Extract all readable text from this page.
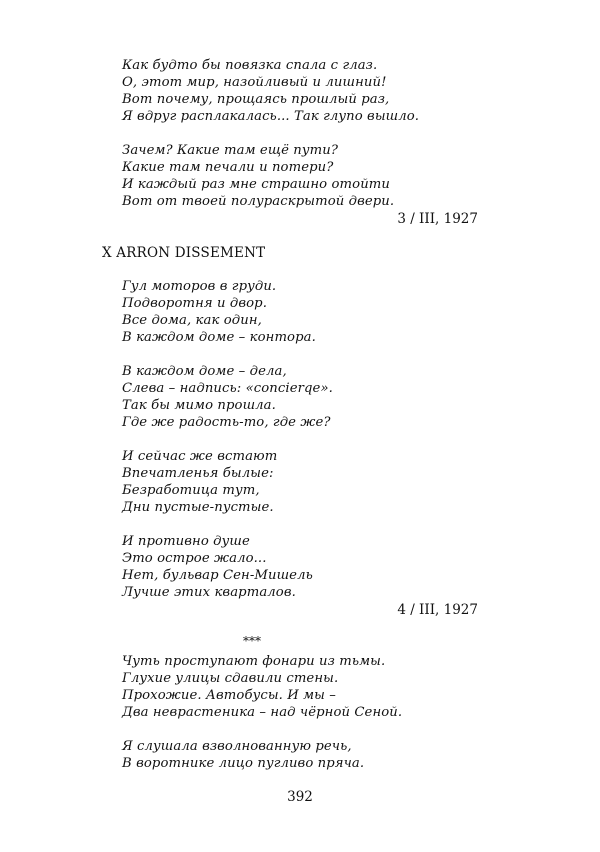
Как будто бы повязка спала с глаз.
О, этот мир, назойливый и лишний!
Вот почему, прощаясь прошлый раз,
Я вдруг расплакалась... Так глупо вышло.
Зачем? Какие там ещё пути?
Какие там печали и потери?
И каждый раз мне страшно отойти
Вот от твоей полураскрытой двери.
3 / III, 1927
X ARRON DISSEMENT
Гул моторов в груди.
Подворотня и двор.
Все дома, как один,
В каждом доме – контора.
В каждом доме – дела,
Слева – надпись: «concierqe».
Так бы мимо прошла.
Где же радость-то, где же?
И сейчас же встают
Впечатленья былые:
Безработица тут,
Дни пустые-пустые.
И противно душе
Это острое жало...
Нет, бульвар Сен-Мишель
Лучше этих кварталов.
4 / III, 1927
***
Чуть проступают фонари из тьмы.
Глухие улицы сдавили стены.
Прохожие. Автобусы. И мы –
Два неврастеника – над чёрной Сеной.
Я слушала взволнованную речь,
В воротнике лицо пугливо пряча.
392
